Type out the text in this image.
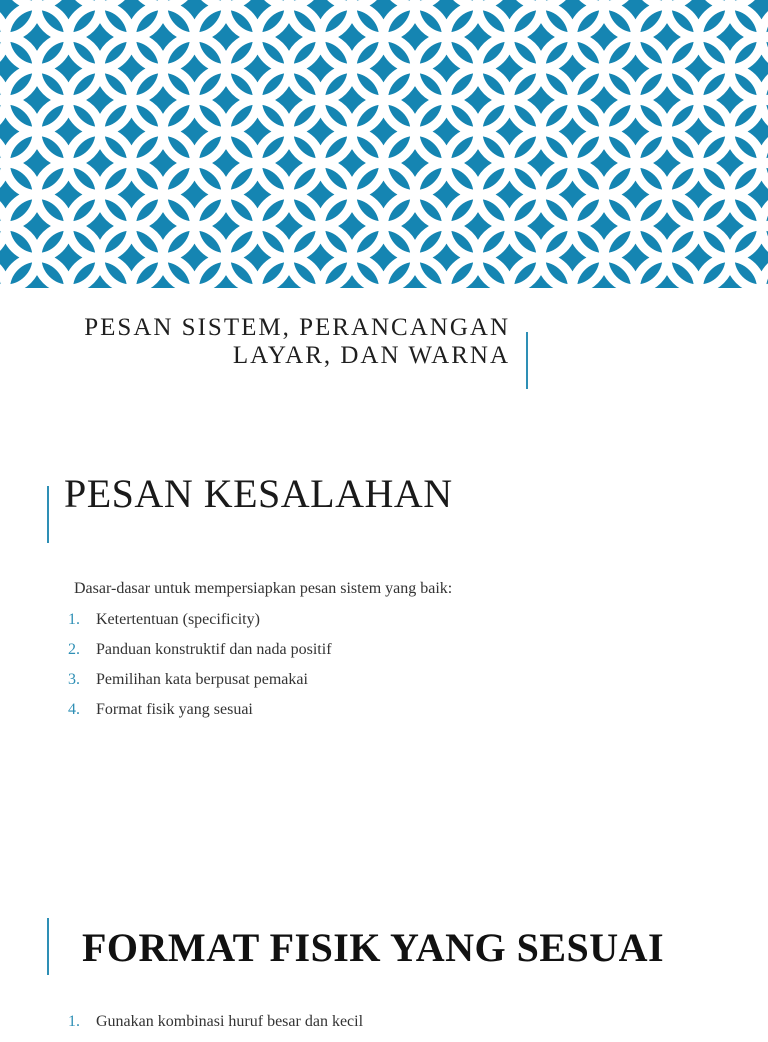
PESAN SISTEM, PERANCANGAN
LAYAR, DAN WARNA
PESAN KESALAHAN
Dasar-dasar untuk mempersiapkan pesan sistem yang baik:
1.	Ketertentuan (specificity)
2.	Panduan konstruktif dan nada positif
3.	Pemilihan kata berpusat pemakai
4.	Format fisik yang sesuai
FORMAT FISIK YANG SESUAI
1.	Gunakan kombinasi huruf besar dan kecil
